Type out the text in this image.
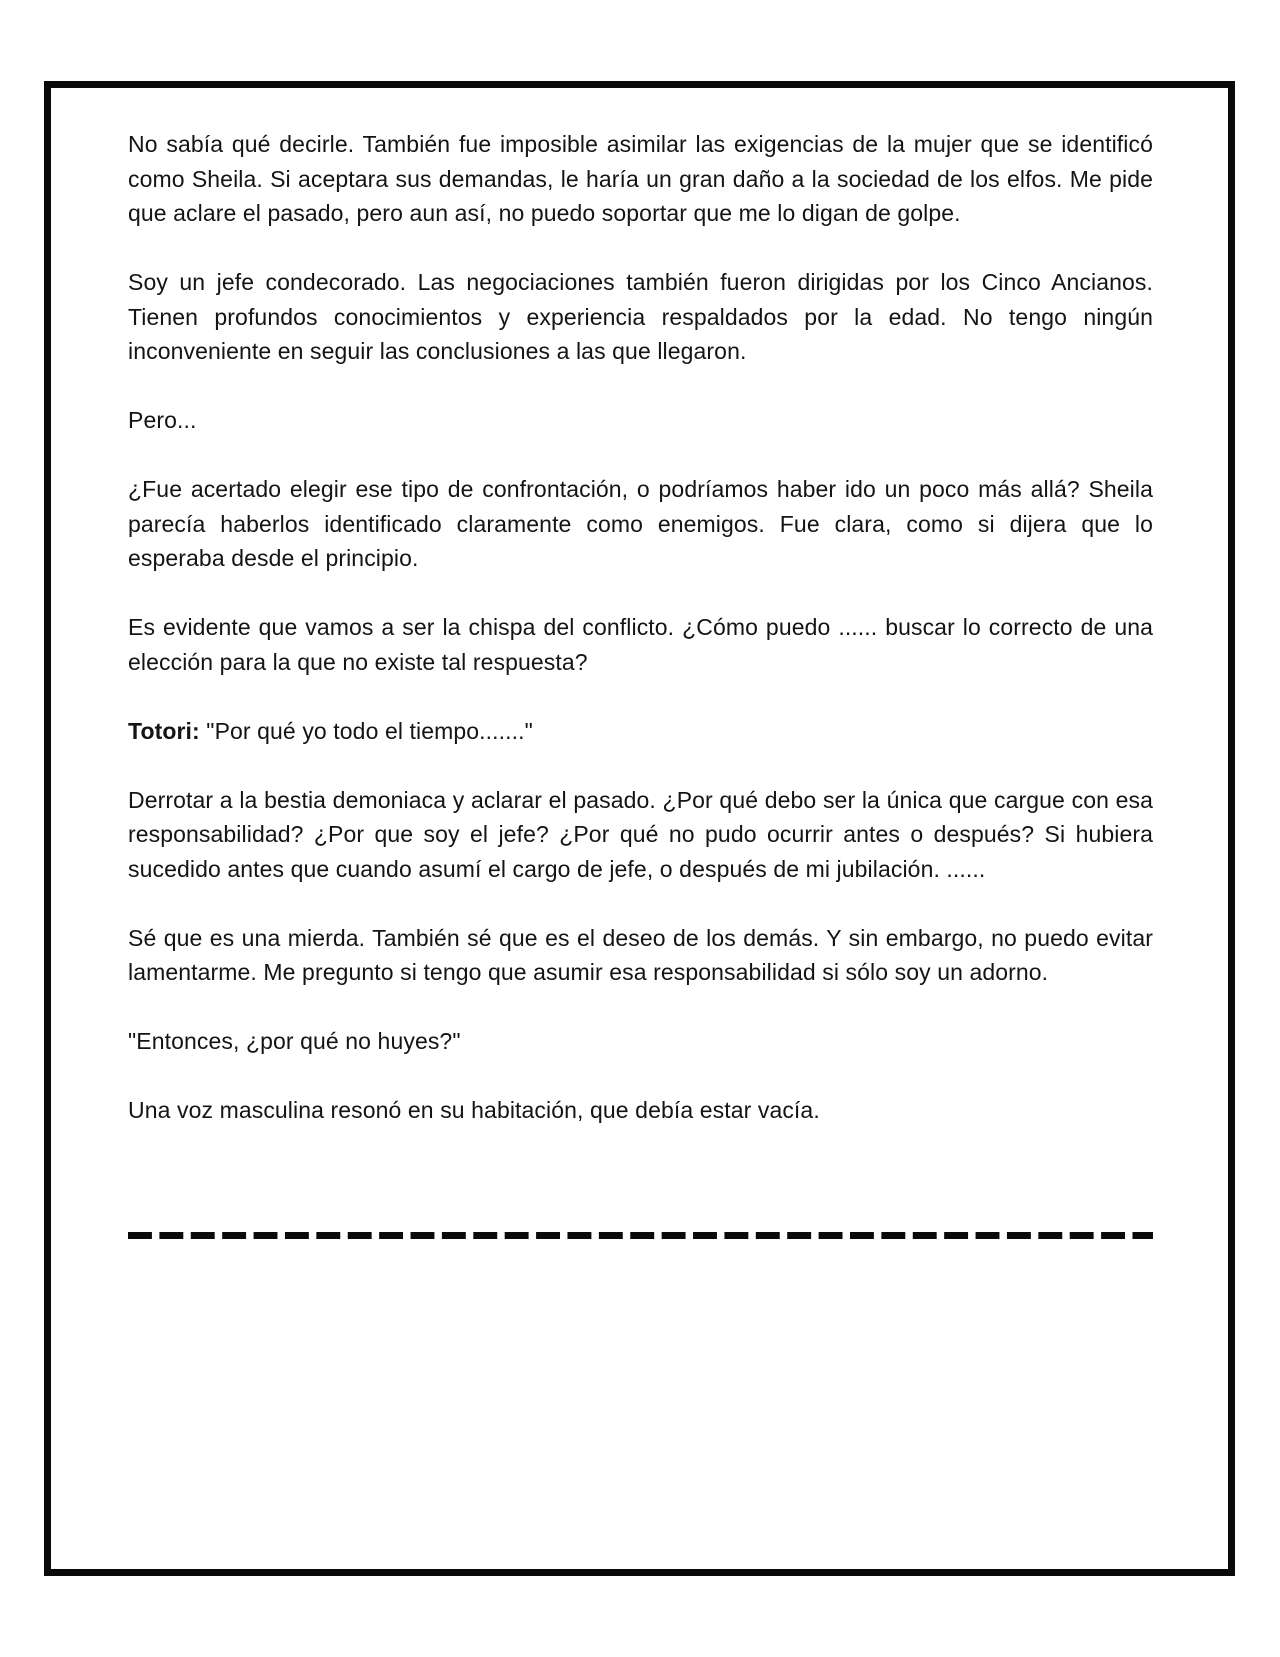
No sabía qué decirle. También fue imposible asimilar las exigencias de la mujer que se identificó como Sheila. Si aceptara sus demandas, le haría un gran daño a la sociedad de los elfos. Me pide que aclare el pasado, pero aun así, no puedo soportar que me lo digan de golpe.

Soy un jefe condecorado. Las negociaciones también fueron dirigidas por los Cinco Ancianos. Tienen profundos conocimientos y experiencia respaldados por la edad. No tengo ningún inconveniente en seguir las conclusiones a las que llegaron.

Pero...

¿Fue acertado elegir ese tipo de confrontación, o podríamos haber ido un poco más allá? Sheila parecía haberlos identificado claramente como enemigos. Fue clara, como si dijera que lo esperaba desde el principio.

Es evidente que vamos a ser la chispa del conflicto. ¿Cómo puedo ...... buscar lo correcto de una elección para la que no existe tal respuesta?

Totori: "Por qué yo todo el tiempo......."

Derrotar a la bestia demoniaca y aclarar el pasado. ¿Por qué debo ser la única que cargue con esa responsabilidad? ¿Por que soy el jefe? ¿Por qué no pudo ocurrir antes o después? Si hubiera sucedido antes que cuando asumí el cargo de jefe, o después de mi jubilación. ......

Sé que es una mierda. También sé que es el deseo de los demás. Y sin embargo, no puedo evitar lamentarme. Me pregunto si tengo que asumir esa responsabilidad si sólo soy un adorno.

"Entonces, ¿por qué no huyes?"

Una voz masculina resonó en su habitación, que debía estar vacía.
